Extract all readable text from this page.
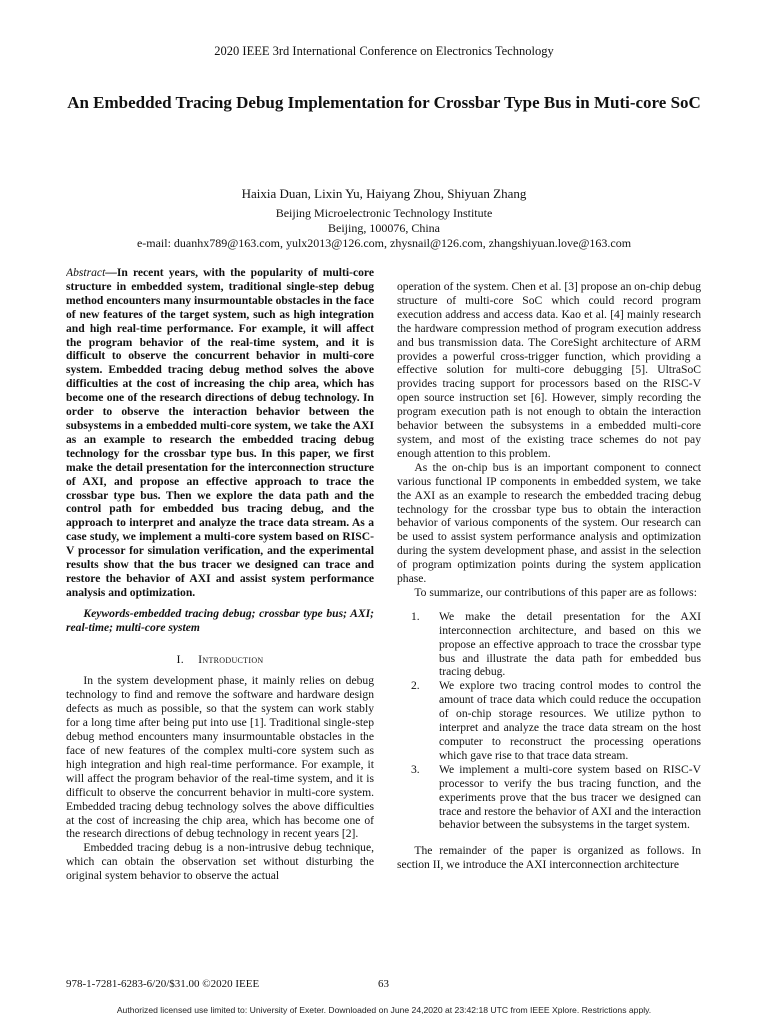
2020 IEEE 3rd International Conference on Electronics Technology
An Embedded Tracing Debug Implementation for Crossbar Type Bus in Muti-core SoC
Haixia Duan, Lixin Yu, Haiyang Zhou, Shiyuan Zhang
Beijing Microelectronic Technology Institute
Beijing, 100076, China
e-mail: duanhx789@163.com, yulx2013@126.com, zhysnail@126.com, zhangshiyuan.love@163.com

Abstract—In recent years, with the popularity of multi-core structure in embedded system, traditional single-step debug method encounters many insurmountable obstacles in the face of new features of the target system, such as high integration and high real-time performance. For example, it will affect the program behavior of the real-time system, and it is difficult to observe the concurrent behavior in multi-core system. Embedded tracing debug method solves the above difficulties at the cost of increasing the chip area, which has become one of the research directions of debug technology. In order to observe the interaction behavior between the subsystems in a embedded multi-core system, we take the AXI as an example to research the embedded tracing debug technology for the crossbar type bus. In this paper, we first make the detail presentation for the interconnection structure of AXI, and propose an effective approach to trace the crossbar type bus. Then we explore the data path and the control path for embedded bus tracing debug, and the approach to interpret and analyze the trace data stream. As a case study, we implement a multi-core system based on RISC-V processor for simulation verification, and the experimental results show that the bus tracer we designed can trace and restore the behavior of AXI and assist system performance analysis and optimization.

Keywords-embedded tracing debug; crossbar type bus; AXI; real-time; multi-core system

I. Introduction

In the system development phase, it mainly relies on debug technology to find and remove the software and hardware design defects as much as possible, so that the system can work stably for a long time after being put into use [1]. Traditional single-step debug method encounters many insurmountable obstacles in the face of new features of the complex multi-core system such as high integration and high real-time performance. For example, it will affect the program behavior of the real-time system, and it is difficult to observe the concurrent behavior in multi-core system. Embedded tracing debug technology solves the above difficulties at the cost of increasing the chip area, which has become one of the research directions of debug technology in recent years [2].

Embedded tracing debug is a non-intrusive debug technique, which can obtain the observation set without disturbing the original system behavior to observe the actual

operation of the system. Chen et al. [3] propose an on-chip debug structure of multi-core SoC which could record program execution address and access data. Kao et al. [4] mainly research the hardware compression method of program execution address and bus transmission data. The CoreSight architecture of ARM provides a powerful cross-trigger function, which providing a effective solution for multi-core debugging [5]. UltraSoC provides tracing support for processors based on the RISC-V open source instruction set [6]. However, simply recording the program execution path is not enough to obtain the interaction behavior between the subsystems in a embedded multi-core system, and most of the existing trace schemes do not pay enough attention to this problem.

As the on-chip bus is an important component to connect various functional IP components in embedded system, we take the AXI as an example to research the embedded tracing debug technology for the crossbar type bus to obtain the interaction behavior of various components of the system. Our research can be used to assist system performance analysis and optimization during the system development phase, and assist in the selection of program optimization points during the system application phase.

To summarize, our contributions of this paper are as follows:

1. We make the detail presentation for the AXI interconnection architecture, and based on this we propose an effective approach to trace the crossbar type bus and illustrate the data path for embedded bus tracing debug.
2. We explore two tracing control modes to control the amount of trace data which could reduce the occupation of on-chip storage resources. We utilize python to interpret and analyze the trace data stream on the host computer to reconstruct the processing operations which gave rise to that trace data stream.
3. We implement a multi-core system based on RISC-V processor to verify the bus tracing function, and the experiments prove that the bus tracer we designed can trace and restore the behavior of AXI and the interaction behavior between the subsystems in the target system.

The remainder of the paper is organized as follows. In section II, we introduce the AXI interconnection architecture

978-1-7281-6283-6/20/$31.00 ©2020 IEEE	63
Authorized licensed use limited to: University of Exeter. Downloaded on June 24,2020 at 23:42:18 UTC from IEEE Xplore. Restrictions apply.
